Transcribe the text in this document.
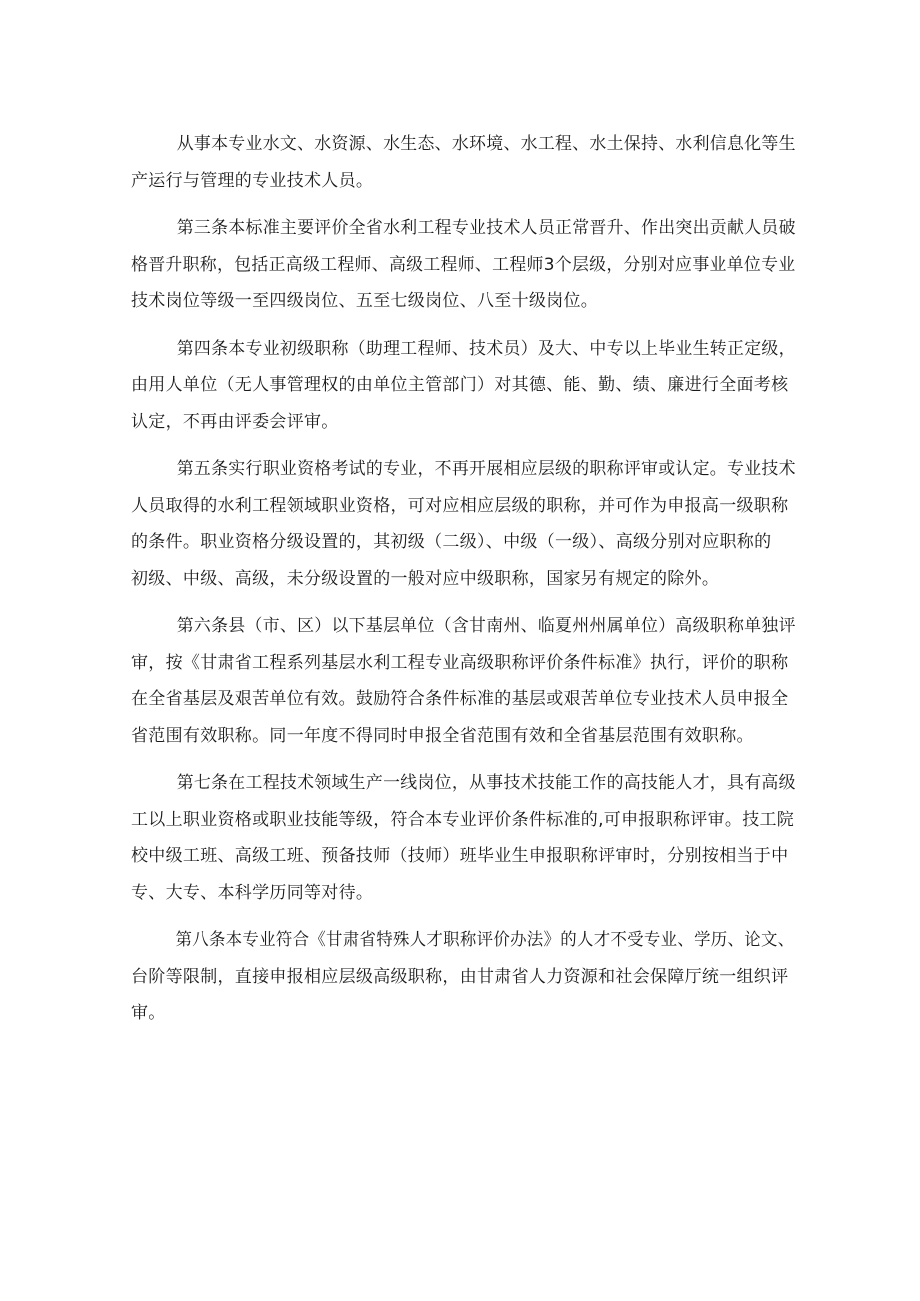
从事本专业水文、水资源、水生态、水环境、水工程、水土保持、水利信息化等生
产运行与管理的专业技术人员。
第三条本标准主要评价全省水利工程专业技术人员正常晋升、作出突出贡献人员破
格晋升职称，包括正高级工程师、高级工程师、工程师3个层级，分别对应事业单位专业
技术岗位等级一至四级岗位、五至七级岗位、八至十级岗位。
第四条本专业初级职称（助理工程师、技术员）及大、中专以上毕业生转正定级，
由用人单位（无人事管理权的由单位主管部门）对其德、能、勤、绩、廉进行全面考核
认定，不再由评委会评审。
第五条实行职业资格考试的专业，不再开展相应层级的职称评审或认定。专业技术
人员取得的水利工程领域职业资格，可对应相应层级的职称，并可作为申报高一级职称
的条件。职业资格分级设置的，其初级（二级）、中级（一级）、高级分别对应职称的
初级、中级、高级，未分级设置的一般对应中级职称，国家另有规定的除外。
第六条县（市、区）以下基层单位（含甘南州、临夏州州属单位）高级职称单独评
审，按《甘肃省工程系列基层水利工程专业高级职称评价条件标准》执行，评价的职称
在全省基层及艰苦单位有效。鼓励符合条件标准的基层或艰苦单位专业技术人员申报全
省范围有效职称。同一年度不得同时申报全省范围有效和全省基层范围有效职称。
第七条在工程技术领域生产一线岗位，从事技术技能工作的高技能人才，具有高级
工以上职业资格或职业技能等级，符合本专业评价条件标准的,可申报职称评审。技工院
校中级工班、高级工班、预备技师（技师）班毕业生申报职称评审时，分别按相当于中
专、大专、本科学历同等对待。
第八条本专业符合《甘肃省特殊人才职称评价办法》的人才不受专业、学历、论文、
台阶等限制，直接申报相应层级高级职称，由甘肃省人力资源和社会保障厅统一组织评
审。
